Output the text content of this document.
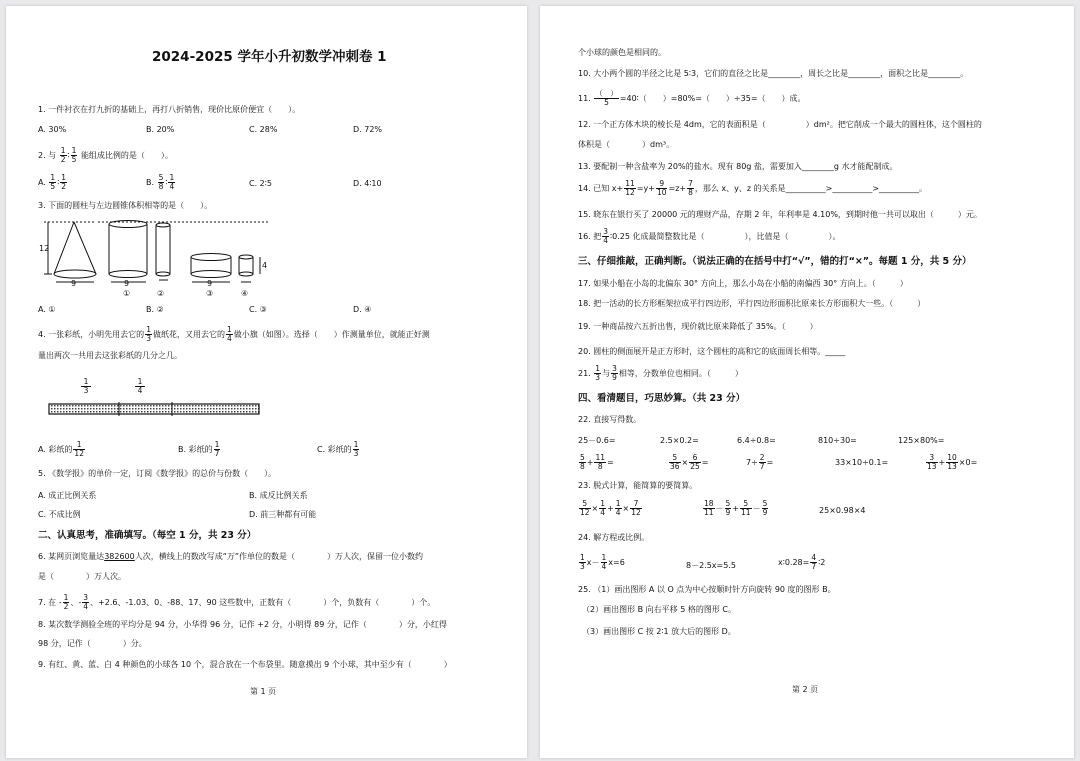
2024-2025 学年小升初数学冲刺卷 1
1. 一件衬衣在打九折的基础上，再打八折销售，现价比原价便宜（　　）。
A. 30%	B. 20%	C. 28%	D. 72%
2. 与 $\frac{1}{2}$ ∶ $\frac{1}{5}$ 能组成比例的是（　　）。
A. $\frac{1}{5}$ ∶ $\frac{1}{2}$	B. $\frac{5}{8}$ ∶ $\frac{1}{4}$	C. 2∶5	D. 4∶10
3. 下面的圆柱与左边圆锥体积相等的是（　　）。
12
9	9	9
4
①	②	③	④
A. ①	B. ②	C. ③	D. ④
4. 一张彩纸，小明先用去它的 $\frac{1}{3}$ 做纸花，又用去它的 $\frac{1}{4}$ 做小旗（如图）。选择（　　）作测量单位，就能正好测
量出两次一共用去这张彩纸的几分之几。
1
3
1
4
A. 彩纸的 $\frac{1}{12}$	B. 彩纸的 $\frac{1}{7}$	C. 彩纸的 $\frac{1}{3}$
5. 《数学报》的单价一定，订阅《数学报》的总价与份数（　　）。
A. 成正比例关系	B. 成反比例关系
C. 不成比例	D. 前三种都有可能
二、认真思考，准确填写。（每空 1 分，共 23 分）
6. 某网页浏览量达382600人次，横线上的数改写成“万”作单位的数是（　　　　）万人次，保留一位小数约
是（　　　　）万人次。
7. 在 - $\frac{1}{2}$ 、- $\frac{3}{4}$ 、+2.6、-1.03、0、-88、17、90 这些数中，正数有（　　　　）个，负数有（　　　　）个。
8. 某次数学测验全班的平均分是 94 分，小华得 96 分，记作 +2 分，小明得 89 分，记作（　　　　）分，小红得
98 分，记作（　　　　）分。
9. 有红、黄、蓝、白 4 种颜色的小球各 10 个，混合放在一个布袋里。随意摸出 9 个小球，其中至少有（　　　　）
第 1 页
个小球的颜色是相同的。
10. 大小两个圆的半径之比是 5∶3，它们的直径之比是________，周长之比是________，面积之比是________。
11.
（　）
5	=40∶（　　）=80%=（　　）÷35=（　　）成。
12. 一个正方体木块的棱长是 4dm，它的表面积是（　　　　　）dm²。把它削成一个最大的圆柱体，这个圆柱的
体积是（　　　　）dm³。
13. 要配制一种含盐率为 20%的盐水。现有 80g 盐，需要加入________g 水才能配制成。
14. 已知 $x+ \frac{11}{12} =y+ \frac{9}{10} =z+ \frac{7}{8}$ ，那么 x、y、z 的关系是__________>__________>__________。
15. 晓东在银行买了 20000 元的理财产品，存期 2 年，年利率是 4.10%，到期时他一共可以取出（　　　）元。
16. 把 $\frac{3}{4}$ ∶0.25 化成最简整数比是（　　　　　），比值是（　　　　　）。
三、仔细推敲，正确判断。（说法正确的在括号中打“√”，错的打“×”。每题 1 分，共 5 分）
17. 如果小船在小岛的北偏东 30° 方向上，那么小岛在小船的南偏西 30° 方向上。（　　　）
18. 把一活动的长方形框架拉成平行四边形，平行四边形面积比原来长方形面积大一些。（　　　）
19. 一种商品按六五折出售，现价就比原来降低了 35%。（　　　）
20. 圆柱的侧面展开是正方形时，这个圆柱的高和它的底面周长相等。_____
21. $\frac{1}{3}$ 与 $\frac{3}{9}$ 相等，分数单位也相同。（　　　）
四、看清题目，巧思妙算。（共 23 分）
22. 直接写得数。
25－0.6=	2.5×0.2=	6.4÷0.8=	810÷30=	125×80%=
$\frac{5}{8} + \frac{11}{8}$ =	$\frac{5}{36} \times \frac{6}{25}$ =	$7\div \frac{2}{7}$ =	33×10÷0.1=	$\frac{3}{13} + \frac{10}{13} \times 0=$
23. 脱式计算，能简算的要简算。
$\frac{5}{12} \times \frac{1}{4} + \frac{1}{4} \times \frac{7}{12}$	$\frac{18}{11} - \frac{5}{9} + \frac{5}{11} - \frac{5}{9}$	25×0.98×4
24. 解方程或比例。
$\frac{1}{3} x- \frac{1}{4} x=6$	8－2.5x=5.5	x∶0.28= $\frac{4}{7}$ ∶2
25. （1）画出图形 A 以 O 点为中心按顺时针方向旋转 90 度的图形 B。
（2）画出图形 B 向右平移 5 格的图形 C。
（3）画出图形 C 按 2∶1 放大后的图形 D。
第 2 页
